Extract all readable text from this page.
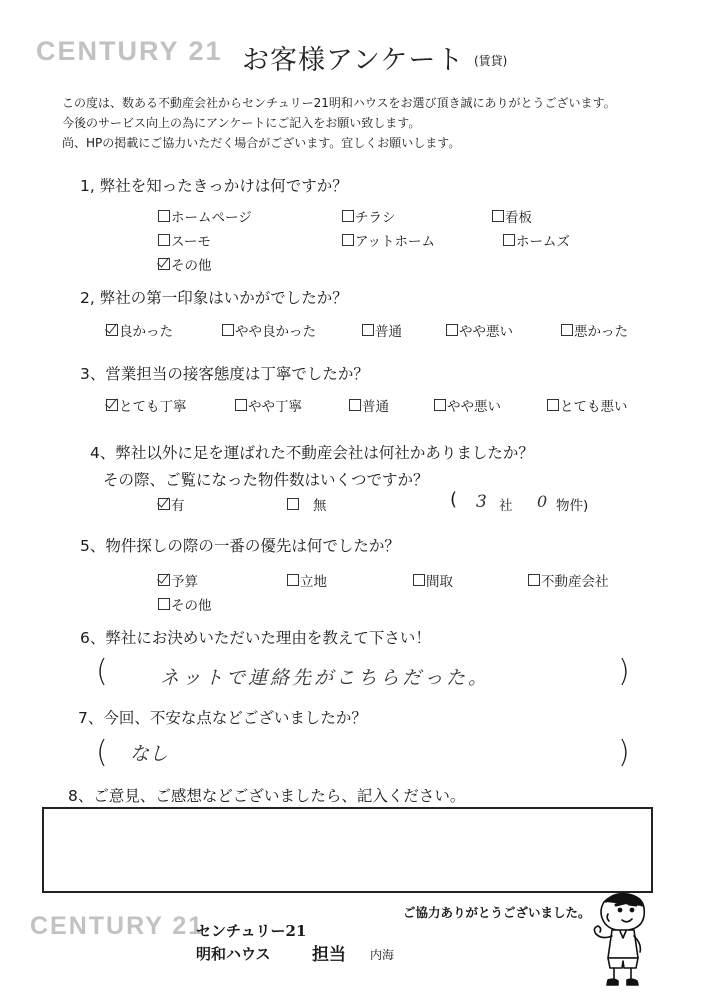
CENTURY 21 お客様アンケート (賃貸)
この度は、数ある不動産会社からセンチュリー21明和ハウスをお選び頂き誠にありがとうございます。
今後のサービス向上の為にアンケートにご記入をお願い致します。
尚、HPの掲載にご協力いただく場合がございます。宜しくお願いします。
1, 弊社を知ったきっかけは何ですか？
ホームページ	チラシ	看板
スーモ	アットホーム	ホームズ
その他
2, 弊社の第一印象はいかがでしたか？
良かった	やや良かった	普通	やや悪い	悪かった
3、営業担当の接客態度は丁寧でしたか？
とても丁寧	やや丁寧	普通	やや悪い	とても悪い
4、弊社以外に足を運ばれた不動産会社は何社かありましたか？
その際、ご覧になった物件数はいくつですか？
有	無	( 3 社 0 物件)
5、物件探しの際の一番の優先は何でしたか？
予算	立地	間取	不動産会社
その他
6、弊社にお決めいただいた理由を教えて下さい！
(	ネットで連絡先がこちらだった。	)
7、今回、不安な点などございましたか？
( なし	)
8、ご意見、ご感想などございましたら、記入ください。
ご協力ありがとうございました。
CENTURY 21
センチュリー21
明和ハウス 担当 内海
